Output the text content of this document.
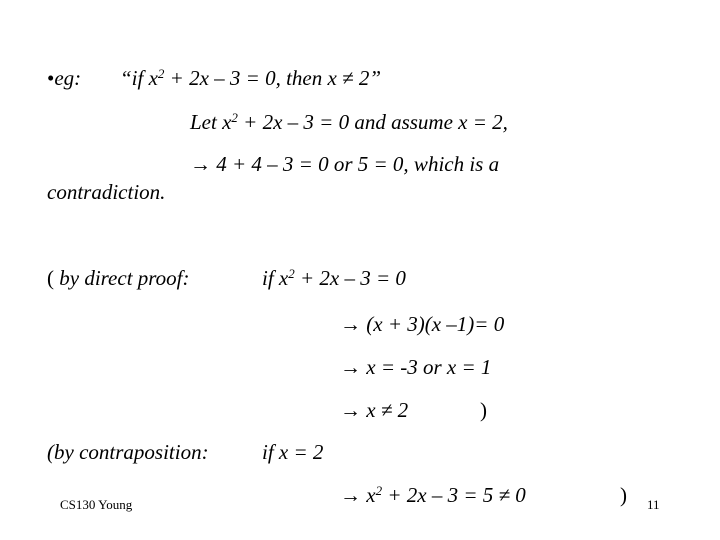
•eg: “if $x^2 + 2x - 3 = 0$, then x ≠ 2”
Let $x^2 + 2x - 3 = 0$ and assume x = 2,
→ 4 + 4 – 3 = 0 or 5 = 0, which is a
contradiction.
( by direct proof:	if $x^2 + 2x - 3 = 0$
→ (x + 3)(x –1)= 0
→ x = -3 or x = 1
→ x ≠ 2	)
(by contraposition:	if x = 2
→ $x^2 + 2x - 3 = 5 \ne 0$	)
CS130 Young	11
